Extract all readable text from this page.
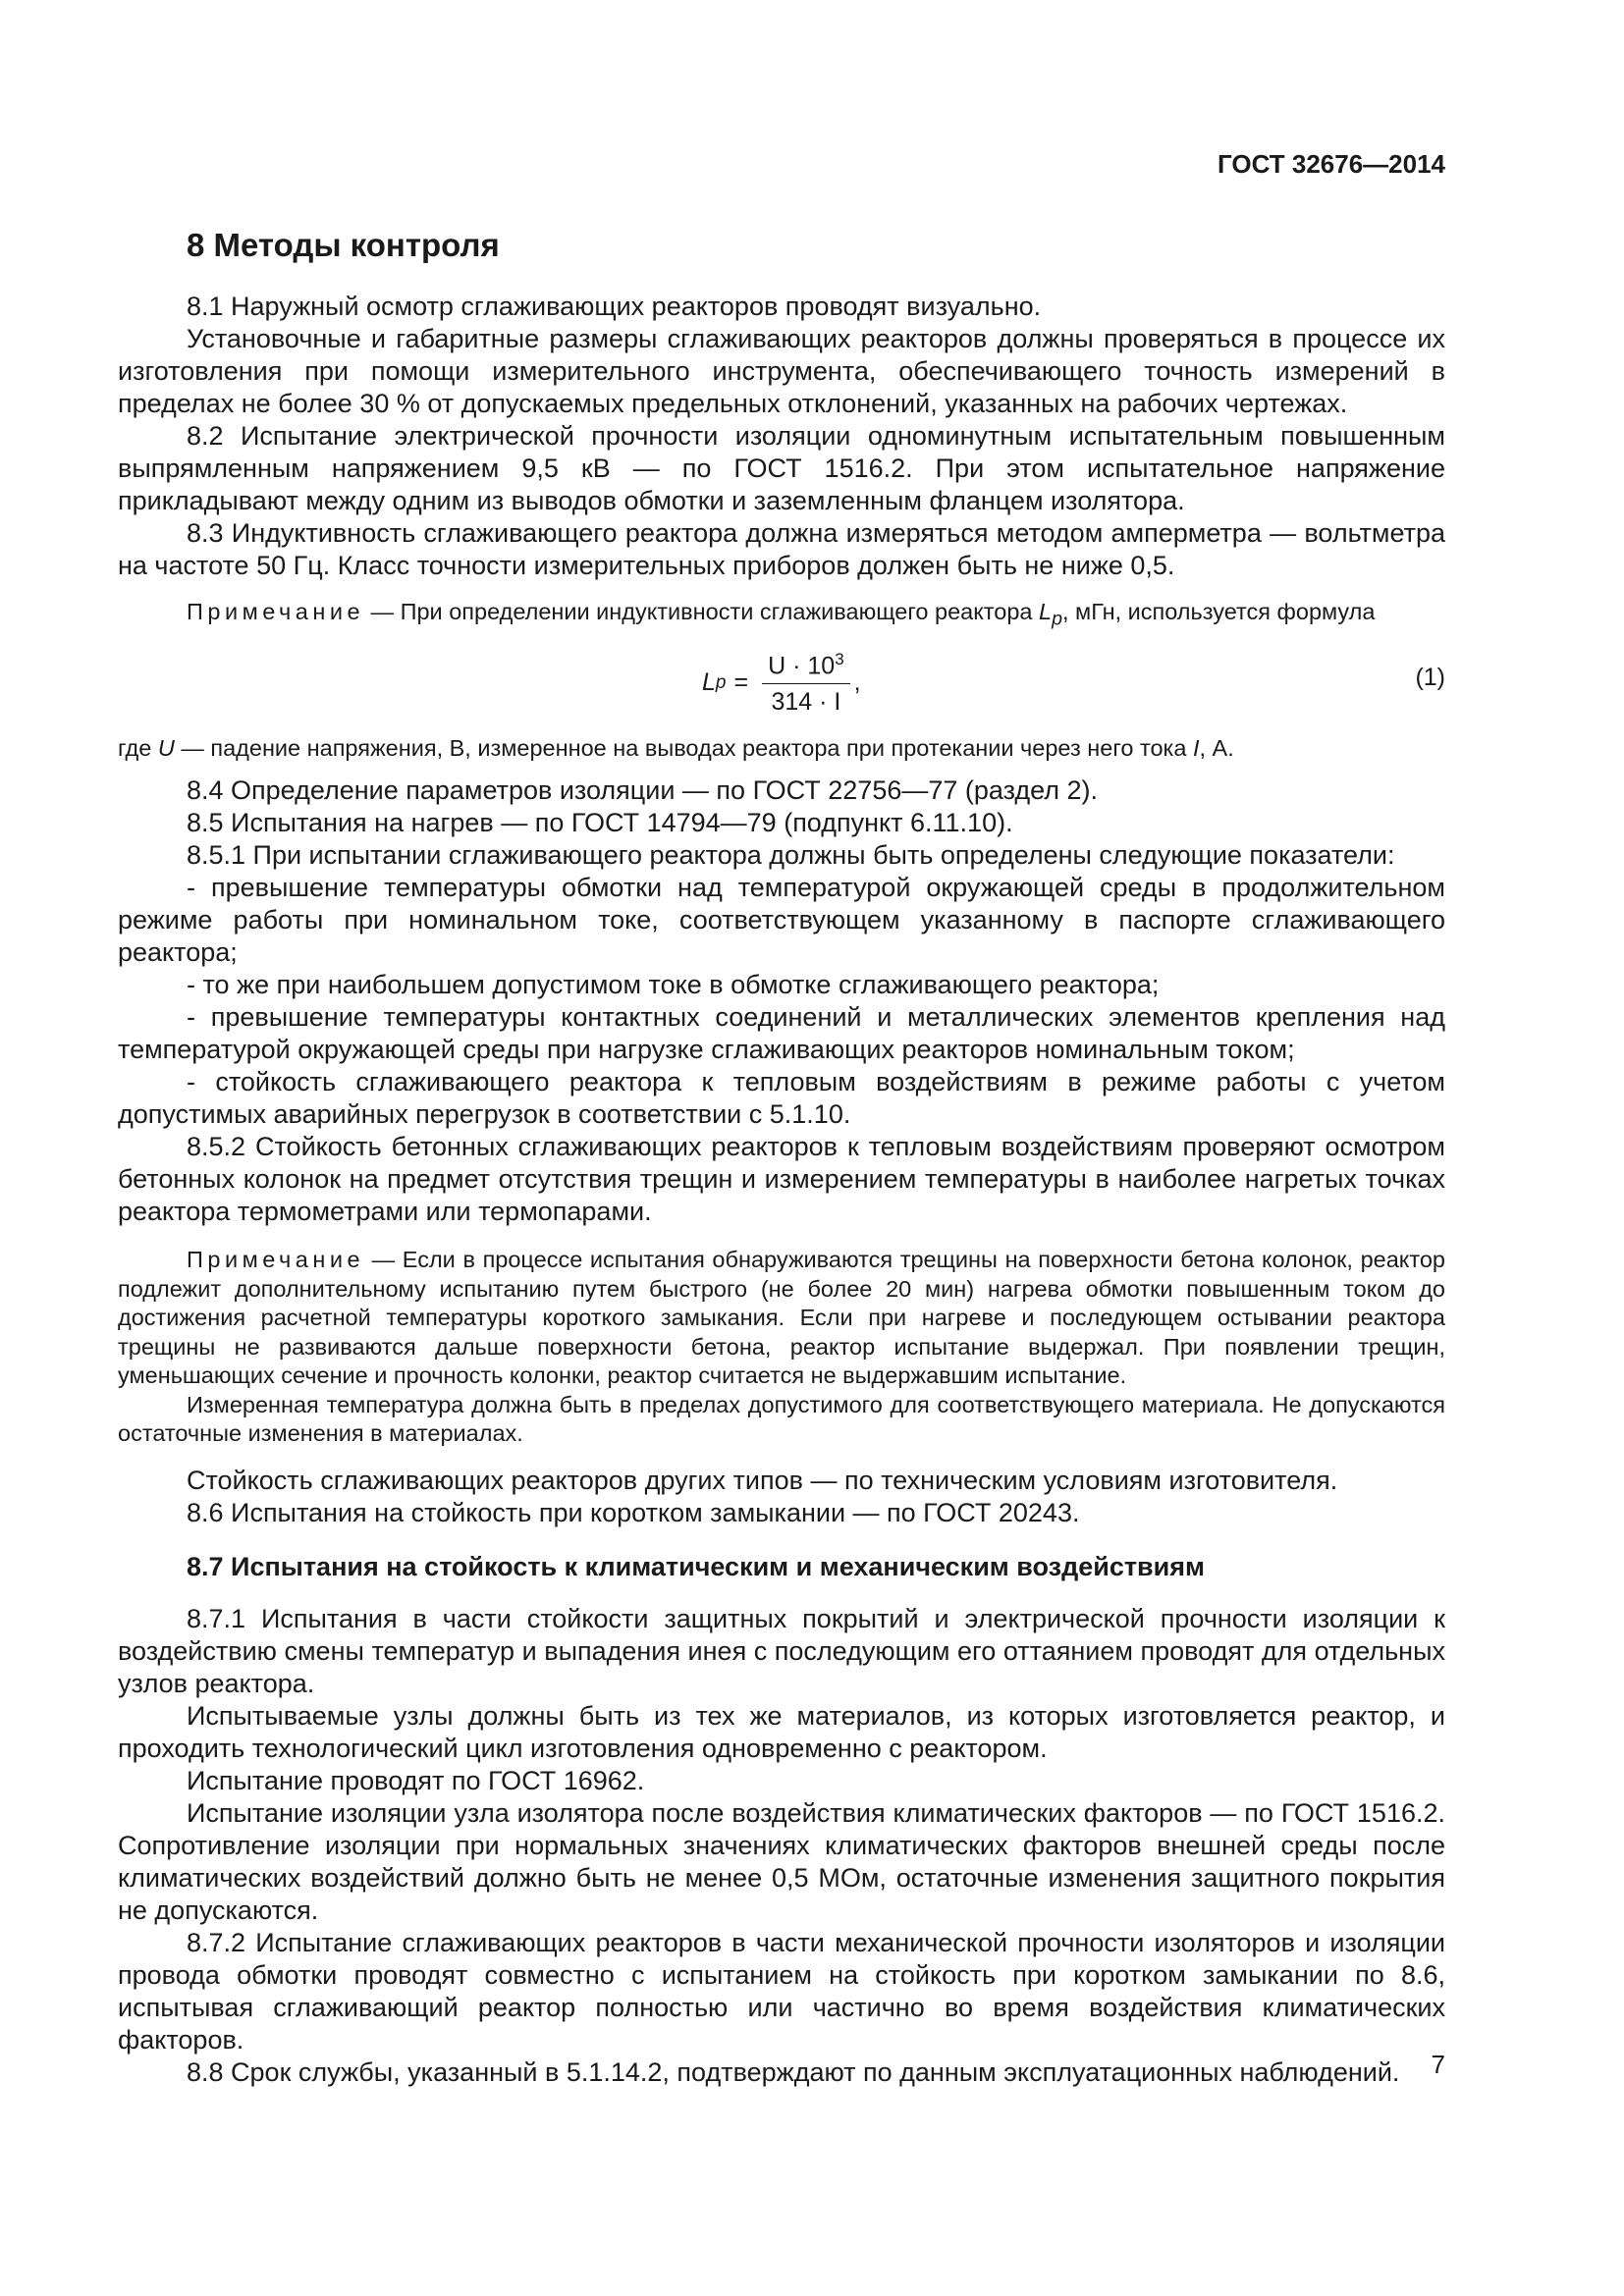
ГОСТ 32676—2014
8 Методы контроля

8.1 Наружный осмотр сглаживающих реакторов проводят визуально.

Установочные и габаритные размеры сглаживающих реакторов должны проверяться в процессе их изготовления при помощи измерительного инструмента, обеспечивающего точность измерений в пределах не более 30 % от допускаемых предельных отклонений, указанных на рабочих чертежах.

8.2 Испытание электрической прочности изоляции одноминутным испытательным повышенным выпрямленным напряжением 9,5 кВ — по ГОСТ 1516.2. При этом испытательное напряжение прикладывают между одним из выводов обмотки и заземленным фланцем изолятора.

8.3 Индуктивность сглаживающего реактора должна измеряться методом амперметра — вольтметра на частоте 50 Гц. Класс точности измерительных приборов должен быть не ниже 0,5.

Примечание — При определении индуктивности сглаживающего реактора $L_p$, мГн, используется формула

L $p = \frac{U \cdot 10^3}{314 \cdot I}$ ,	(1)
где U — падение напряжения, В, измеренное на выводах реактора при протекании через него тока I, А.

8.4 Определение параметров изоляции — по ГОСТ 22756—77 (раздел 2).

8.5 Испытания на нагрев — по ГОСТ 14794—79 (подпункт 6.11.10).

8.5.1 При испытании сглаживающего реактора должны быть определены следующие показатели:

- превышение температуры обмотки над температурой окружающей среды в продолжительном режиме работы при номинальном токе, соответствующем указанному в паспорте сглаживающего реактора;

- то же при наибольшем допустимом токе в обмотке сглаживающего реактора;

- превышение температуры контактных соединений и металлических элементов крепления над температурой окружающей среды при нагрузке сглаживающих реакторов номинальным током;

- стойкость сглаживающего реактора к тепловым воздействиям в режиме работы с учетом допустимых аварийных перегрузок в соответствии с 5.1.10.

8.5.2 Стойкость бетонных сглаживающих реакторов к тепловым воздействиям проверяют осмотром бетонных колонок на предмет отсутствия трещин и измерением температуры в наиболее нагретых точках реактора термометрами или термопарами.

Примечание — Если в процессе испытания обнаруживаются трещины на поверхности бетона колонок, реактор подлежит дополнительному испытанию путем быстрого (не более 20 мин) нагрева обмотки повышенным током до достижения расчетной температуры короткого замыкания. Если при нагреве и последующем остывании реактора трещины не развиваются дальше поверхности бетона, реактор испытание выдержал. При появлении трещин, уменьшающих сечение и прочность колонки, реактор считается не выдержавшим испытание.

Измеренная температура должна быть в пределах допустимого для соответствующего материала. Не допускаются остаточные изменения в материалах.

Стойкость сглаживающих реакторов других типов — по техническим условиям изготовителя.

8.6 Испытания на стойкость при коротком замыкании — по ГОСТ 20243.

8.7 Испытания на стойкость к климатическим и механическим воздействиям

8.7.1 Испытания в части стойкости защитных покрытий и электрической прочности изоляции к воздействию смены температур и выпадения инея с последующим его оттаянием проводят для отдельных узлов реактора.

Испытываемые узлы должны быть из тех же материалов, из которых изготовляется реактор, и проходить технологический цикл изготовления одновременно с реактором.

Испытание проводят по ГОСТ 16962.

Испытание изоляции узла изолятора после воздействия климатических факторов — по ГОСТ 1516.2. Сопротивление изоляции при нормальных значениях климатических факторов внешней среды после климатических воздействий должно быть не менее 0,5 МОм, остаточные изменения защитного покрытия не допускаются.

8.7.2 Испытание сглаживающих реакторов в части механической прочности изоляторов и изоляции провода обмотки проводят совместно с испытанием на стойкость при коротком замыкании по 8.6, испытывая сглаживающий реактор полностью или частично во время воздействия климатических факторов.

8.8 Срок службы, указанный в 5.1.14.2, подтверждают по данным эксплуатационных наблюдений.	7
